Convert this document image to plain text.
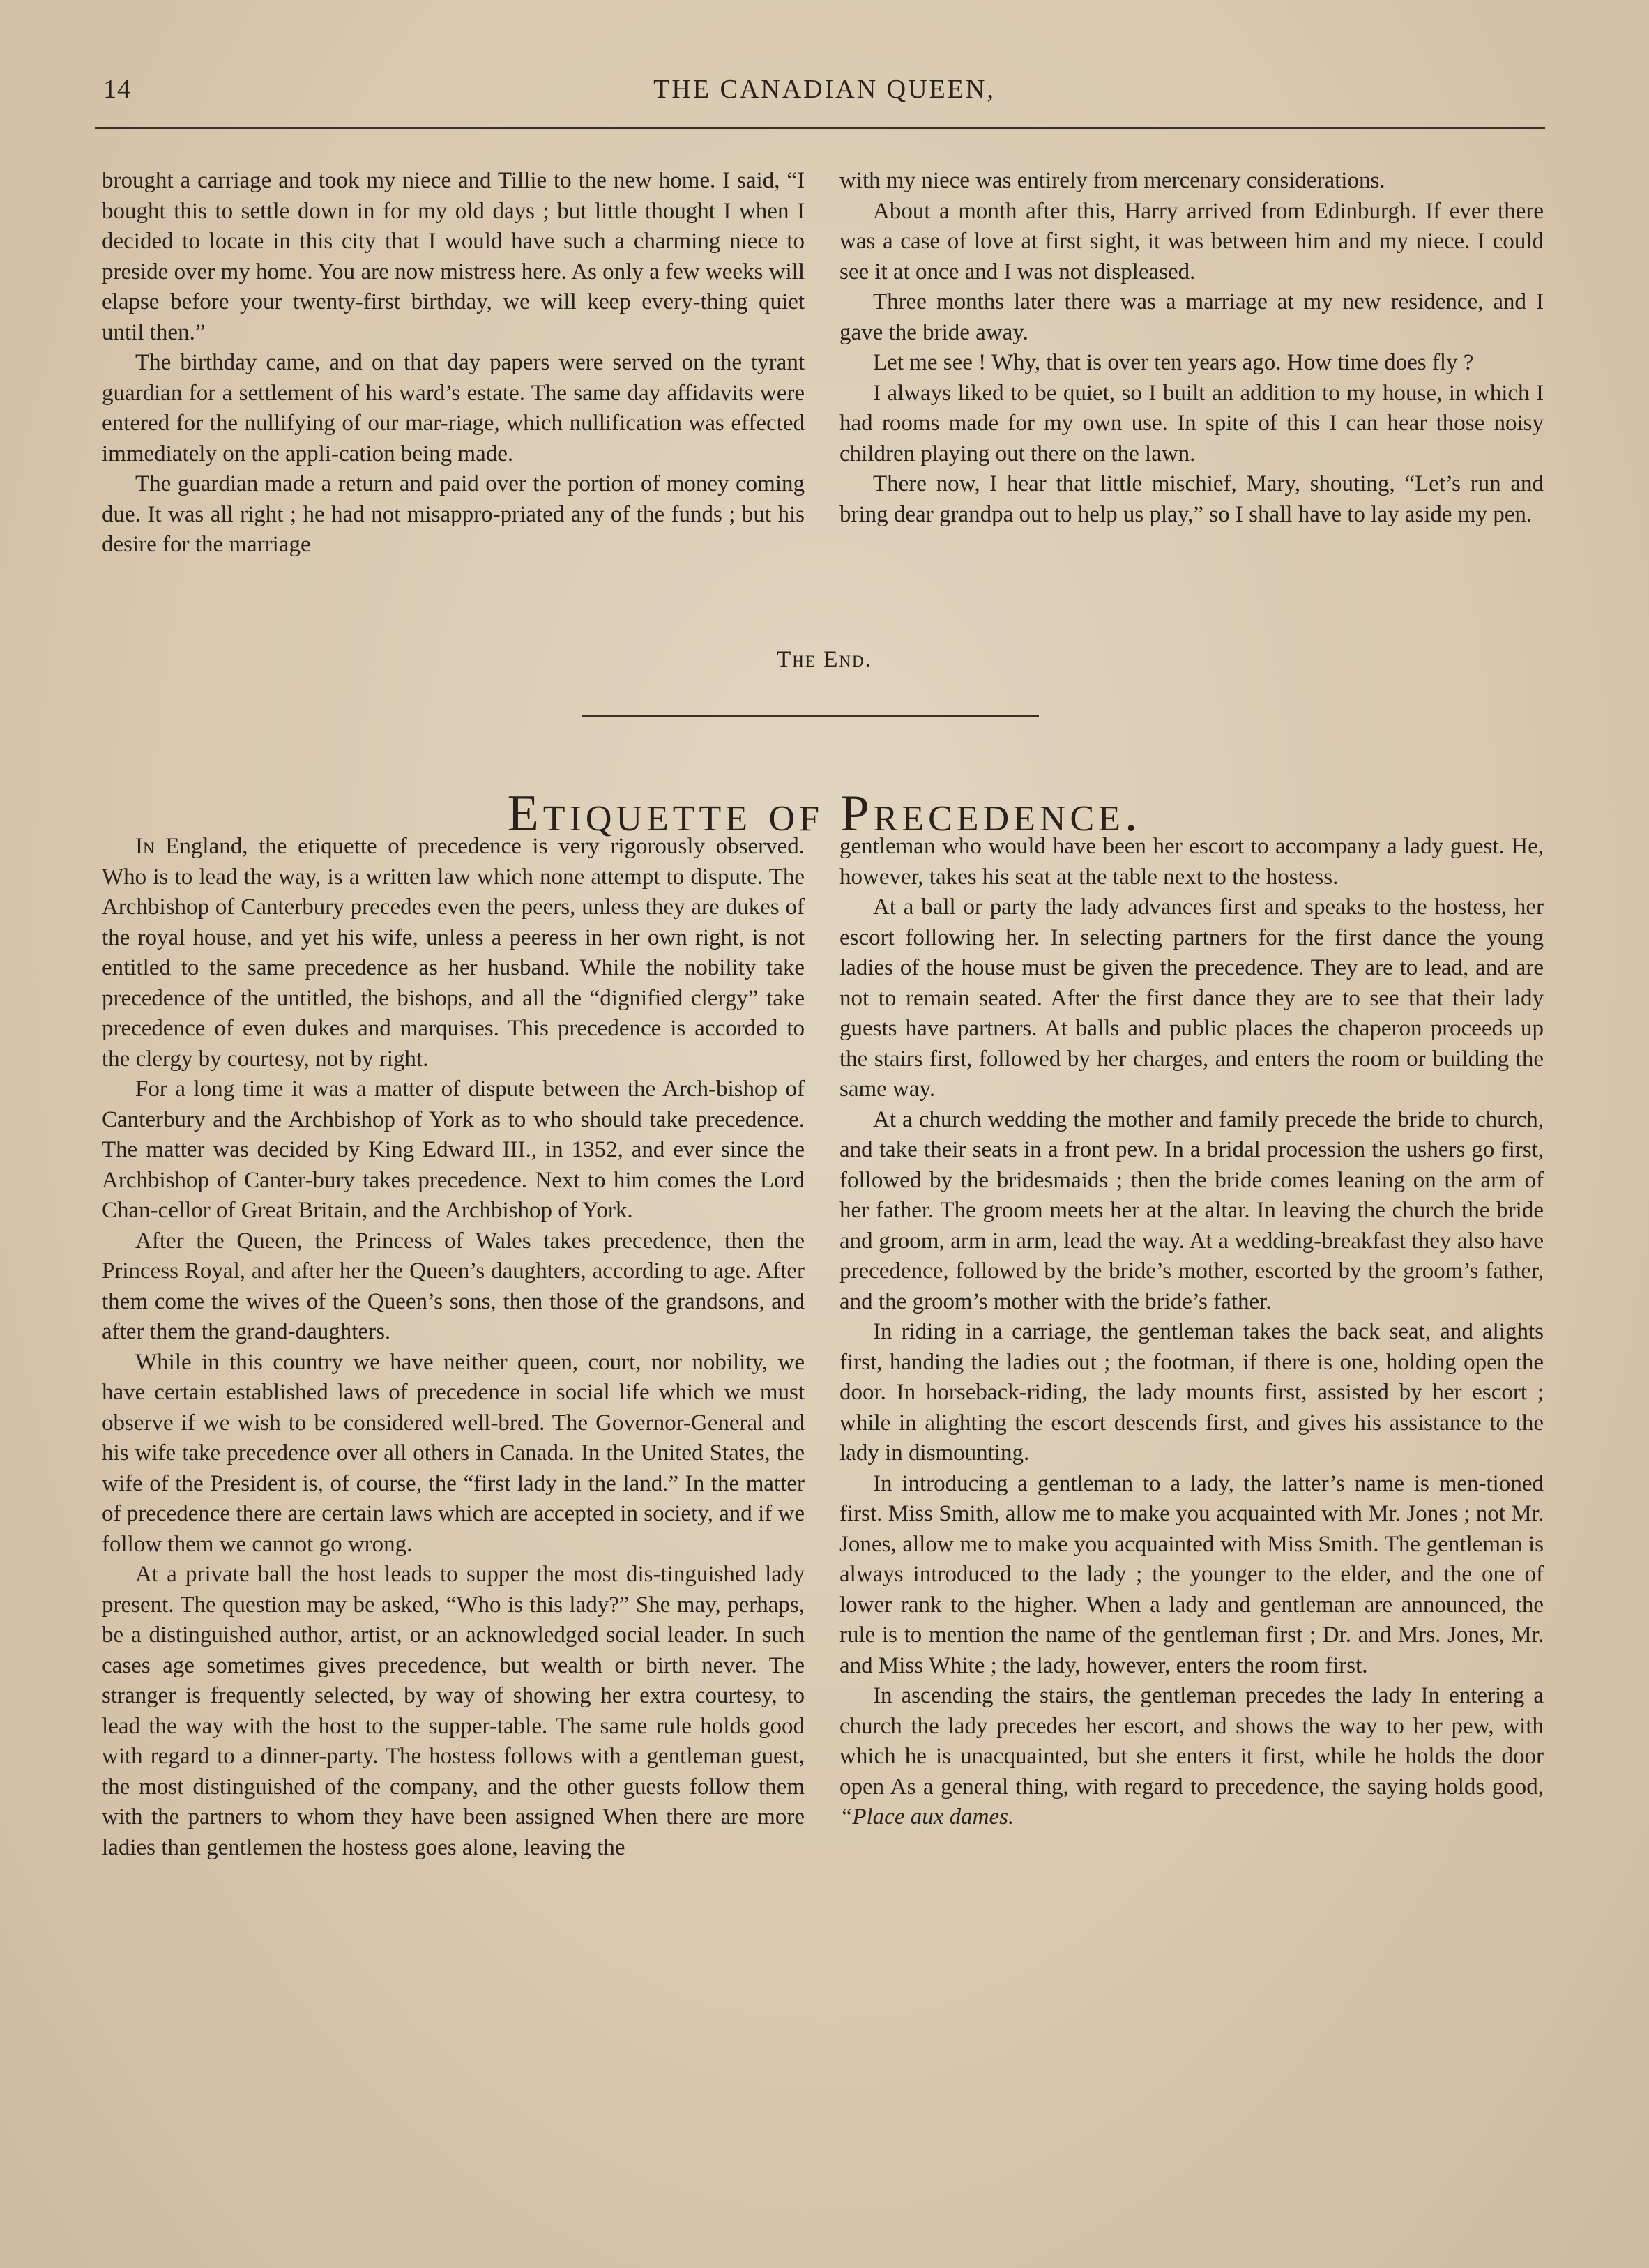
14	THE CANADIAN QUEEN,

brought a carriage and took my niece and Tillie to the new home. I said, “I bought this to settle down in for my old days ; but little thought I when I decided to locate in this city that I would have such a charming niece to preside over my home. You are now mistress here. As only a few weeks will elapse before your twenty-first birthday, we will keep every-thing quiet until then.”

The birthday came, and on that day papers were served on the tyrant guardian for a settlement of his ward’s estate. The same day affidavits were entered for the nullifying of our mar-riage, which nullification was effected immediately on the appli-cation being made.

The guardian made a return and paid over the portion of money coming due. It was all right ; he had not misappro-priated any of the funds ; but his desire for the marriage

with my niece was entirely from mercenary considerations.

About a month after this, Harry arrived from Edinburgh. If ever there was a case of love at first sight, it was between him and my niece. I could see it at once and I was not displeased.

Three months later there was a marriage at my new residence, and I gave the bride away.

Let me see ! Why, that is over ten years ago. How time does fly ?

I always liked to be quiet, so I built an addition to my house, in which I had rooms made for my own use. In spite of this I can hear those noisy children playing out there on the lawn.

There now, I hear that little mischief, Mary, shouting, “Let’s run and bring dear grandpa out to help us play,” so I shall have to lay aside my pen.

The End.
Etiquette of Precedence.

In England, the etiquette of precedence is very rigorously observed. Who is to lead the way, is a written law which none attempt to dispute. The Archbishop of Canterbury precedes even the peers, unless they are dukes of the royal house, and yet his wife, unless a peeress in her own right, is not entitled to the same precedence as her husband. While the nobility take precedence of the untitled, the bishops, and all the “dignified clergy” take precedence of even dukes and marquises. This precedence is accorded to the clergy by courtesy, not by right.

For a long time it was a matter of dispute between the Arch-bishop of Canterbury and the Archbishop of York as to who should take precedence. The matter was decided by King Edward III., in 1352, and ever since the Archbishop of Canter-bury takes precedence. Next to him comes the Lord Chan-cellor of Great Britain, and the Archbishop of York.

After the Queen, the Princess of Wales takes precedence, then the Princess Royal, and after her the Queen’s daughters, according to age. After them come the wives of the Queen’s sons, then those of the grandsons, and after them the grand-daughters.

While in this country we have neither queen, court, nor nobility, we have certain established laws of precedence in social life which we must observe if we wish to be considered well-bred. The Governor-General and his wife take precedence over all others in Canada. In the United States, the wife of the President is, of course, the “first lady in the land.” In the matter of precedence there are certain laws which are accepted in society, and if we follow them we cannot go wrong.

At a private ball the host leads to supper the most dis-tinguished lady present. The question may be asked, “Who is this lady?” She may, perhaps, be a distinguished author, artist, or an acknowledged social leader. In such cases age sometimes gives precedence, but wealth or birth never. The stranger is frequently selected, by way of showing her extra courtesy, to lead the way with the host to the supper-table. The same rule holds good with regard to a dinner-party. The hostess follows with a gentleman guest, the most distinguished of the company, and the other guests follow them with the partners to whom they have been assigned When there are more ladies than gentlemen the hostess goes alone, leaving the

gentleman who would have been her escort to accompany a lady guest. He, however, takes his seat at the table next to the hostess.

At a ball or party the lady advances first and speaks to the hostess, her escort following her. In selecting partners for the first dance the young ladies of the house must be given the precedence. They are to lead, and are not to remain seated. After the first dance they are to see that their lady guests have partners. At balls and public places the chaperon proceeds up the stairs first, followed by her charges, and enters the room or building the same way.

At a church wedding the mother and family precede the bride to church, and take their seats in a front pew. In a bridal procession the ushers go first, followed by the bridesmaids ; then the bride comes leaning on the arm of her father. The groom meets her at the altar. In leaving the church the bride and groom, arm in arm, lead the way. At a wedding-breakfast they also have precedence, followed by the bride’s mother, escorted by the groom’s father, and the groom’s mother with the bride’s father.

In riding in a carriage, the gentleman takes the back seat, and alights first, handing the ladies out ; the footman, if there is one, holding open the door. In horseback-riding, the lady mounts first, assisted by her escort ; while in alighting the escort descends first, and gives his assistance to the lady in dismounting.

In introducing a gentleman to a lady, the latter’s name is men-tioned first. Miss Smith, allow me to make you acquainted with Mr. Jones ; not Mr. Jones, allow me to make you acquainted with Miss Smith. The gentleman is always introduced to the lady ; the younger to the elder, and the one of lower rank to the higher. When a lady and gentleman are announced, the rule is to mention the name of the gentleman first ; Dr. and Mrs. Jones, Mr. and Miss White ; the lady, however, enters the room first.

In ascending the stairs, the gentleman precedes the lady In entering a church the lady precedes her escort, and shows the way to her pew, with which he is unacquainted, but she enters it first, while he holds the door open As a general thing, with regard to precedence, the saying holds good, “Place aux dames.
